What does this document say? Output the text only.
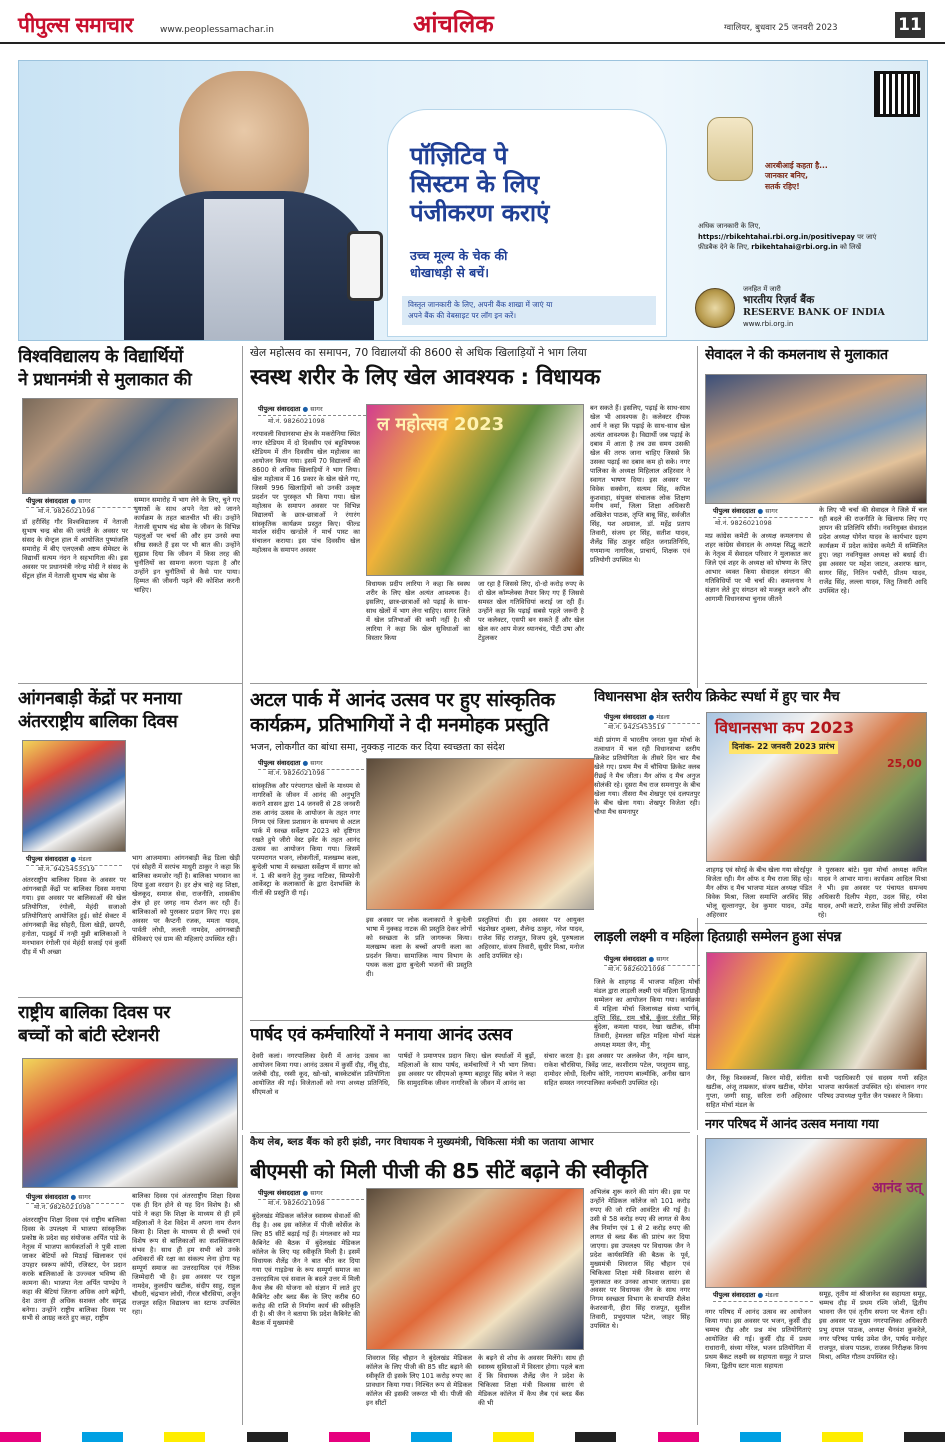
पीपुल्स समाचार	www.peoplessamachar.in	आंचलिक	ग्वालियर, बुधवार 25 जनवरी 2023	11
पॉज़िटिव पे
सिस्टम के लिए
पंजीकरण कराएं
उच्च मूल्य के चेक की
धोखाधड़ी से बचें।
विस्तृत जानकारी के लिए, अपनी बैंक शाखा में जाएं या
अपने बैंक की वेबसाइट पर लॉग इन करें।
आरबीआई कहता है...
जानकार बनिए,
सतर्क रहिए!
अधिक जानकारी के लिए,
https://rbikehtahai.rbi.org.in/positivepay पर जाएं
फ़ीडबैक देने के लिए, rbikehtahai@rbi.org.in को लिखें
जनहित में जारी
भारतीय रिज़र्व बैंक
RESERVE BANK OF INDIA
www.rbi.org.in
विश्वविद्यालय के विद्यार्थियों
ने प्रधानमंत्री से मुलाकात की
पीपुल्स संवाददाता ● सागर
मो.नं. 9826021098

डॉ हरीसिंह गौर विश्वविद्यालय में नेताजी सुभाष चन्द्र बोस की जयंती के अवसर पर संसद के सेन्ट्रल हाल में आयोजित पुष्पांजलि समारोह में बीए एलएलबी अष्टम सेमेस्टर के विद्यार्थी सत्यम नंदन ने सहभागिता की। इस अवसर पर प्रधानमंत्री नरेन्द्र मोदी ने संसद के सेंट्रल हॉल में नेताजी सुभाष चंद्र बोस के

सम्मान समारोह में भाग लेने के लिए, चुने गए युवाओं के साथ अपने नेता को जानने कार्यक्रम के तहत बातचीत भी की। उन्होंने नेताजी सुभाष चंद्र बोस के जीवन के विभिन्न पहलुओं पर चर्चा की और हम उनसे क्या सीख सकते हैं इस पर भी बात की। उन्होंने सुझाव दिया कि जीवन में किस तरह की चुनौतियों का सामना करना पड़ता है और उन्होंने इन चुनौतियों से कैसे पार पाया। हिम्मत की जीवनी पढ़ने की कोशिश करनी चाहिए।

खेल महोत्सव का समापन, 70 विद्यालयों की 8600 से अधिक खिलाड़ियों ने भाग लिया
स्वस्थ शरीर के लिए खेल आवश्यक : विधायक
पीपुल्स संवाददाता ● सागर
मो.नं. 9826021098

नरयावली विधानसभा क्षेत्र के मकरोनिया स्थित नगर स्टेडियम में दो दिवसीय एवं बहुविषयक स्टेडियम में तीन दिवसीय खेल महोत्सव का आयोजन किया गया। इसमें 70 विद्यालयों की 8600 से अधिक खिलाड़ियों ने भाग लिया। खेल महोत्सव में 16 प्रकार के खेल खेले गए, जिसमें 996 खिलाड़ियों को उनकी उत्कृष्ट प्रदर्शन पर पुरस्कृत भी किया गया। खेल महोत्सव के समापन अवसर पर विभिन्न विद्यालयों के छात्र-छात्राओं ने रंगारंग सांस्कृतिक कार्यक्रम प्रस्तुत किए। फील्ड मार्शल संदीप खन्डोले ने मार्च पास्ट का संचालन कराया। इस पांच दिवसीय खेल महोत्सव के समापन अवसर

ल महोत्सव 2023

विधायक प्रदीप लारिया ने कहा कि स्वस्थ शरीर के लिए खेल अत्यंत आवश्यक है। इसलिए, छात्र-छात्राओं को पढ़ाई के साथ-साथ खेलों में भाग लेना चाहिए। सागर जिले में खेल प्रतिभाओं की कमी नहीं है। श्री लारिया ने कहा कि खेल सुविधाओं का विस्तार किया

जा रहा है जिससे लिए, दो-दो करोड़ रुपए के दो खेल कॉम्प्लेक्स तैयार किए गए हैं जिससे समस्त खेल गतिविधियां कराई जा रही हैं। उन्होंने कहा कि पढ़ाई सबसे पहले जरूरी है पर कलेक्टर, एसपी बन सकते हैं और खेल खेल कर आप मेजर ध्यानचंद, पीटी उषा और टेंडुलकर

बन सकते हैं। इसलिए, पढ़ाई के साथ-साथ खेल भी आवश्यक है। कलेक्टर दीपक आर्य ने कहा कि पढ़ाई के साथ-साथ खेल अत्यंत आवश्यक है। विद्यार्थी जब पढ़ाई के दबाव में आता है तब उस समय उसकी खेल की तरफ जाना चाहिए जिससे कि उसका पढ़ाई का दबाव कम हो सके। नगर पालिका के अध्यक्ष मिहिलाल अहिरवार ने स्वागत भाषण दिया। इस अवसर पर विवेक सक्सेना, सत्यम सिंह, कपिल कुशवाहा, संयुक्त संचालक लोक शिक्षण मनीष वर्मा, जिला शिक्षा अधिकारी अखिलेश पाठक, तृप्ति बाबू सिंह, सर्वजीत सिंह, यश अग्रवाल, डॉ. महेंद्र प्रताप तिवारी, संजय हर सिंह, सतीश यादव, शैलेंद्र सिंह ठाकुर सहित जनप्रतिनिधि, गणमान्य नागरिक, प्राचार्य, शिक्षक एवं प्रतियोगी उपस्थित थे।

सेवादल ने की कमलनाथ से मुलाकात
पीपुल्स संवाददाता ● सागर
मो.नं. 9826021098

मप्र कांग्रेस कमेटी के अध्यक्ष कमलनाथ से शहर कांग्रेस सेवादल के अध्यक्ष सिद्धू कटारे के नेतृत्व में सेवादल परिवार ने मुलाकात कर जिले एवं शहर के अध्यक्ष को घोषणा के लिए आभार व्यक्त किया सेवादल संगठन की गतिविधियों पर भी चर्चा की। कमलनाथ ने संज्ञान लेते हुए संगठन को मजबूत करने और आगामी विधानसभा चुनाव जीतने

के लिए भी चर्चा की सेवादल ने जिले में चल रही बदले की राजनीति के खिलाफ लिए गए ज्ञापन की प्रतिलिपि सौंपी। नवनियुक्त सेवादल प्रदेश अध्यक्ष योगेश यादव के कार्यभार ग्रहण कार्यक्रम में प्रदेश कांग्रेस कमेटी में सम्मिलित हुए। जहा नवनियुक्त अध्यक्ष को बधाई दी। इस अवसर पर महेश जाटव, अशरफ खान, सागर सिंह, नितिन पचौरी, प्रीतम यादव, राजेंद्र सिंह, लल्ला यादव, जितु तिवारी आदि उपस्थित रहे।

आंगनबाड़ी केंद्रों पर मनाया
अंतरराष्ट्रीय बालिका दिवस
पीपुल्स संवाददाता ● मंडला
मो.नं. 9425453519

अंतरराष्ट्रीय बालिका दिवस के अवसर पर आंगनबाड़ी केंद्रों पर बालिका दिवस मनाया गया। इस अवसर पर बालिकाओं की खेल प्रतियोगिता, रंगोली, मेहंदी सजाओ प्रतियोगिताएं आयोजित हुई। सोर्ट सेक्टर में आंगनबाड़ी केंद्र सोहरी, डिला खेड़ी, छापरी, हनोता, पडबुर्ड में नन्ही मुन्नी बालिकाओं ने मनभावन रंगोली एवं मेहंदी सजाई एवं कुर्सी दौड़ में भी अच्छा

भाग आजमाया। आंगनबाड़ी केंद्र डिला खेड़ी एवं सोहरी में सरपंच माधुरी ठाकुर ने कहा कि बालिका कमजोर नहीं है। बालिका भगवान का दिया हुआ वरदान है। हर क्षेत्र चाहे वह शिक्षा, खेलकूद, समाज सेवा, राजनीति, शासकीय क्षेत्र हो हर जगह नाम रोशन कर रही हैं। बालिकाओं को पुरस्कार प्रदान किए गए। इस अवसर पर कैप्टनी रजक, ममता यादव, पार्वती लोधी, ललती नामदेव, आंगनबाड़ी सेविकाएं एवं ग्राम की महिलाएं उपस्थित रही।

अटल पार्क में आनंद उत्सव पर हुए सांस्कृतिक
कार्यक्रम, प्रतिभागियों ने दी मनमोहक प्रस्तुति
भजन, लोकगीत का बांधा समा, नुक्कड़ नाटक कर दिया स्वच्छता का संदेश
पीपुल्स संवाददाता ● सागर
मो.नं. 9826021098

सांस्कृतिक और परंपरागत खेलों के माध्यम से नागरिकों के जीवन में आनंद की अनुभूति कराने शासन द्वारा 14 जनवरी से 28 जनवरी तक आनंद उत्सव के आयोजन के तहत नगर निगम एवं जिला प्रशासन के समन्वय से अटल पार्क में स्वच्छ सर्वेक्षण 2023 को दृष्टिगत रखते हुये जीरो वेस्ट इवेंट के तहत आनंद उत्सव का आयोजन किया गया। जिसमें परम्परागत भजन, लोकगीतों, मलखम्भ कला, बुन्देली भाषा में स्वच्छता सर्वेक्षण में सागर को नं. 1 की बनाने हेतु नुक्ड नाटिका, सिम्फोनी आर्केस्ट्रा के कलाकारों के द्वारा देशभक्ति के गीतों की प्रस्तुति दी गई।

इस अवसर पर लोक कलाकारों ने बुन्देली भाषा में नुक्कड़ नाटक की प्रस्तुति देकर लोगों को स्वच्छता के प्रति जागरूक किया। मलखम्भ कला के बच्चों अपनी कला का प्रदर्शन किया। सामाजिक न्याय विभाग के पथक कला द्वारा बुन्देली भजनों की प्रस्तुति दी।

प्रस्तुतियां दी। इस अवसर पर आयुक्त चंद्रशेखर शुक्ला, शैलेन्द्र ठाकुर, नरेश यादव, राजेश सिंह राजपूत, विजय दुबे, पुरुषलाल अहिरवार, संजय तिवारी, सुधीर मिश्रा, मनोज आदि उपस्थित रहे।

विधानसभा क्षेत्र स्तरीय क्रिकेट स्पर्धा में हुए चार मैच
पीपुल्स संवाददाता ● मंडला
मो.नं. 9425453519

मंडी प्रांगण में भारतीय जनता युवा मोर्चा के तत्वाधान में चल रही विधानसभा स्तरीय क्रिकेट प्रतियोगिता के तीसरे दिन चार मैच खेले गए। प्रथम मैच में चौथिया क्रिकेट क्लब रीछई ने मैच जीता। मैन ऑफ द मैच अनुज सोलंकी रहे। दूसरा मैच राज समनापुर के बीच खेला गया। तीसरा मैच शेखपुर एवं दलपतपुर के बीच खेला गया। शेखपुर विजेता रही। चौथा मैच समनापुर

विधानसभा कप 2023
दिनांक- 22 जनवरी 2023 प्रारंभ
25,00

शाहगढ़ एवं सोरई के बीच खेला गया सोरईपुर विजेता रही। मैन ऑफ द मैच राजा सिंह रहे। मैन ऑफ द मैच भाजपा मंडल अध्यक्ष पंडित विवेक मिश्रा, जिला समाप्ति अरविंद सिंह भोलू सुल्तानपुर, देव कुमार यादव, उमेंद्र अहिरवार

ने पुरस्कार बांटे। युवा मोर्चा अध्यक्ष कपिल यादव ने आभार माना। कार्यक्रम आदिल मिश्रा ने भी। इस अवसर पर पंचायत समन्वय अधिकारी दिलीप मेहरा, उदल सिंह, रमेश यादव, अभी कटारे, राजेश सिंह लोधी उपस्थित रहे।

लाड़ली लक्ष्मी व महिला हितग्राही सम्मेलन हुआ संपन्न
पीपुल्स संवाददाता ● सागर
मो.नं. 9826021098

जिले के शाहगढ़ में भाजपा महिला मोर्चा मंडल द्वारा लाड़ली लक्ष्मी एवं महिला हितग्राही सम्मेलन का आयोजन किया गया। कार्यक्रम में महिला मोर्चा जिलाध्यक्ष संध्या भार्गव, तृप्ति सिंह, राम चौबे, कुँवर रंजीत सिंह बुंदेला, कमला यादव, रेखा खटीक, सीमा तिवारी, हेमलता सहित महिला मोर्चा मंडल अध्यक्ष ममता जैन, मीनू

जैन, रिंकू विश्वकर्मा, किरन मोदी, संगीता खटीक, अंजू ताम्रकार, संजय खटीक, योगेश गुप्ता, जग्गी साहू, सरिता रानी अहिरवार सहित मोर्चा मंडल के

सभी पदाधिकारी एवं सदस्य गणों सहित भाजपा कार्यकर्ता उपस्थित रहे। संचालन नगर परिषद उपाध्यक्ष पुनीत जैन पत्रकार ने किया।

राष्ट्रीय बालिका दिवस पर
बच्चों को बांटी स्टेशनरी
पीपुल्स संवाददाता ● सागर
मो.नं. 9826021098

अंतरराष्ट्रीय शिक्षा दिवस एवं राष्ट्रीय बालिका दिवस के उपलक्ष्य में भाजपा सांस्कृतिक प्रकोष्ठ के प्रदेश सह संयोजक अर्पित पांडे के नेतृत्व में भाजपा कार्यकर्ताओं ने पुत्री शाला जाकर बेटियों को मिठाई खिलाकर एवं उपहार स्वरूप कॉपी, रजिस्टर, पेन प्रदान करके बालिकाओं के उज्ज्वल भविष्य की कामना की। भाजपा नेता अर्पित पाण्डेय ने कहा की बेटियां जितना अधिक आगे बढ़ेंगी, देश उतना ही अधिक सशक्त और समृद्ध बनेगा। उन्होंने राष्ट्रीय बालिका दिवस पर सभी से आग्रह करते हुए कहा, राष्ट्रीय

बालिका दिवस एवं अंतरराष्ट्रीय शिक्षा दिवस एक ही दिन होने से यह दिन विशेष है। श्री पांडे ने कहा कि शिक्षा के माध्यम से ही हमें महिलाओं ने देश विदेश में अपना नाम रोशन किया है। शिक्षा के माध्यम से ही बच्चों एवं विशेष रूप से बालिकाओं का सशक्तिकरण संभव है। साथ ही हम सभी को उनके अधिकारों की रक्षा का संकल्प लेना होगा यह सम्पूर्ण समाज का उत्तरदायित्व एवं नैतिक जिम्मेदारी भी है। इस अवसर पर राहुल नामदेव, कुलदीप खटीक, संदीप साहू, राहुल चौधरी, चंद्रभान लोधी, नीरज चौरसिया, अर्जुन राजपूत सहित विद्यालय का स्टाफ उपस्थित रहा।

पार्षद एवं कर्मचारियों ने मनाया आनंद उत्सव

देवरी कलां। नगरपालिका देवरी में आनंद उत्सव का आयोजन किया गया। आनंद उत्सव में कुर्सी दौड़, नींबू दौड़, जलेबी दौड़, रस्सी कूद, खो-खो, बास्केटबॉल प्रतियोगिता आयोजित की गई। विजेताओं को नपा अध्यक्ष प्रतिनिधि, सीएमओ व

पार्षदों ने प्रमाणपत्र प्रदान किए। खेल स्पर्धाओं में बुढ़ों, महिलाओं के साथ पार्षद, कर्मचारियों ने भी भाग लिया। इस अवसर पर सीएमओ कृष्णा बहादुर सिंह बघेल ने कहा कि सामुदायिक जीवन नागरिकों के जीवन में आनंद का

संचार करता है। इस अवसर पर अलकेश जैन, नईम खान, राकेश चौरसिया, त्रिवेंद्र जाट, काशीराम पटेल, परशुराम साहू, दामोदर लोधी, दिलीप कोरि, नारायण बाल्मीकि, अनीस खान सहित समस्त नगरपालिका कर्मचारी उपस्थित रहे।

कैथ लेब, ब्लड बैंक को हरी झंडी, नगर विधायक ने मुख्यमंत्री, चिकित्सा मंत्री का जताया आभार
बीएमसी को मिली पीजी की 85 सीटें बढ़ाने की स्वीकृति
पीपुल्स संवाददाता ● सागर
मो.नं. 9826021098

बुंदेलखंड मेडिकल कॉलेज स्वास्थ्य सेवाओं की रीढ़ है। अब इस कॉलेज में पीजी कोर्सेज के लिए 85 सीटें बढ़ाई गई हैं। मंगलवार को मप्र कैबिनेट की बैठक में बुंदेलखंड मेडिकल कॉलेज के लिए यह स्वीकृति मिली है। इसमें विधायक शैलेंद्र जैन ने बात चीत कर दिया गया एवं गाइडेन्स के रूप सम्पूर्ण समाज का उत्तरदायित्व एवं सवाल के बदले उत्तर में मिली कैथ लैब की योजना को संज्ञान में लाते हुए कैबिनेट और ब्लड बैंक के लिए करीब 60 करोड़ की राशि से निर्माण कार्य की स्वीकृति दी है। श्री जैन ने बताया कि प्रदेश कैबिनेट की बैठक में मुख्यमंत्री

शिवराज सिंह चौहान ने बुंदेलखंड मेडिकल कॉलेज के लिए पीजी की 85 सीट बढ़ाने की स्वीकृति दी इसके लिए 101 करोड़ रुपए का प्रावधान किया गया। निश्चित रूप से मेडिकल कॉलेज की इसकी जरूरत भी थी। पीजी की इन सीटों

के बढ़ने से शोध के अवसर मिलेंगे। साथ ही स्वास्थ्य सुविधाओं में विस्तार होगा। पहले बता दें कि विधायक शैलेंद्र जैन ने प्रदेश के चिकित्सा शिक्षा मंत्री विश्वास सारंग से मेडिकल कॉलेज में कैथ लैब एवं ब्लड बैंक की भी

अभिलंब शुरू करने की मांग की। इस पर उन्होंने मेडिकल कॉलेज को 101 करोड़ रुपए की जो राशि आवंटित की गई है। उसी से 58 करोड़ रुपए की लागत से कैथ लैब निर्माण एवं 1 से 2 करोड़ रुपए की लागत से ब्लड बैंक की प्रारंभ कर दिया जाएगा। इस उपलक्ष्य पर विधायक जैन ने प्रदेश कार्यसमिति की बैठक के पूर्व, मुख्यमंत्री शिवराज सिंह चौहान एवं चिकित्सा शिक्षा मंत्री विश्वास सारंग से मुलाकात कर उनका आभार जताया। इस अवसर पर विधायक जैन के साथ नगर निगम स्वच्छता विभाग के सभापति शैलेश केशरवानी, हीरा सिंह राजपूत, सुशील तिवारी, प्रभुदयाल पटेल, जाहर सिंह उपस्थित थे।

नगर परिषद में आनंद उत्सव मनाया गया
आनंद उत्
पीपुल्स संवाददाता ● मंडला

नगर परिषद में आनंद उत्सव का आयोजन किया गया। इस अवसर पर भजन, कुर्सी दौड़ चम्मच दौड़ और प्रश्न मंच प्रतियोगिताएं आयोजित की गई। कुर्सी दौड़ में प्रथम राधारानी, संध्या गोरेल, भजन प्रतियोगिता में प्रथम बैंकट लक्ष्मी स्व सहायता समूह ने प्राप्त किया, द्वितीय स्टार माता सहायता

समूह, तृतीय मां श्रीजानेश स्व सहायता समूह, चम्मच दौड़ में प्रथम रश्मि जोशी, द्वितीय भावना जैन एवं तृतीय सपना पर चैतना रही। इस अवसर पर मुख्य नगरपालिका अधिकारी प्रभु दयाल पाठक, अध्यक्ष चैनवंश कुकरेले, नगर परिषद पार्षद उमेश जैन, पार्षद मनोहर राजपूत, संजय पाठक, राजस्व निरीक्षक विनय मिश्रा, अमित गौतम उपस्थित रहे।
